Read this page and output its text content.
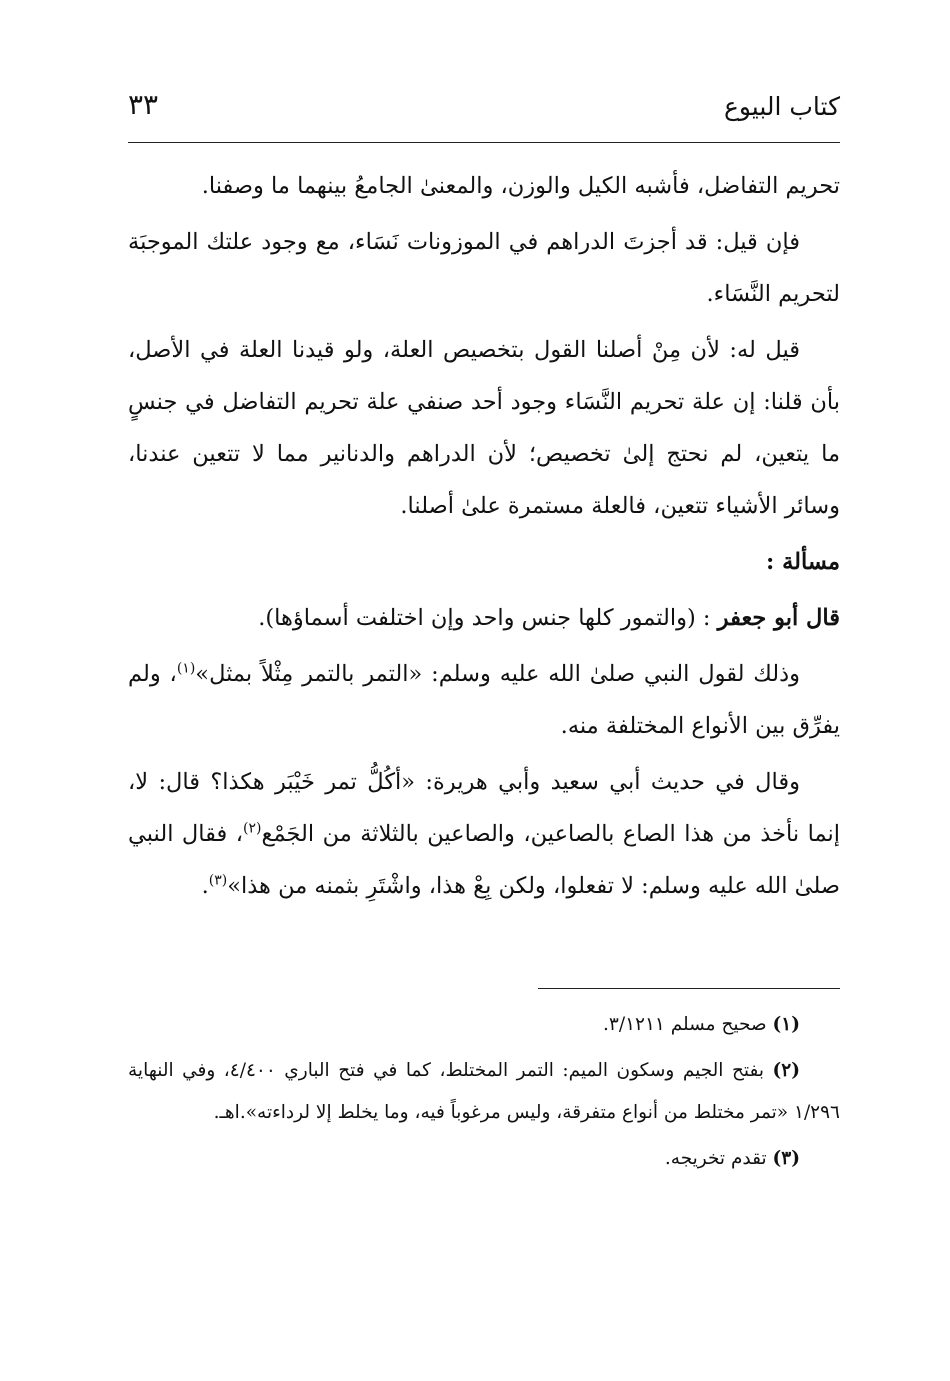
كتاب البيوع
٣٣

تحريم التفاضل، فأشبه الكيل والوزن، والمعنىٰ الجامعُ بينهما ما وصفنا.

فإن قيل: قد أجزتَ الدراهم في الموزونات نَسَاء، مع وجود علتك الموجبَة لتحريم النَّسَاء.

قيل له: لأن مِنْ أصلنا القول بتخصيص العلة، ولو قيدنا العلة في الأصل، بأن قلنا: إن علة تحريم النَّسَاء وجود أحد صنفي علة تحريم التفاضل في جنسٍ ما يتعين، لم نحتج إلىٰ تخصيص؛ لأن الدراهم والدنانير مما لا تتعين عندنا، وسائر الأشياء تتعين، فالعلة مستمرة علىٰ أصلنا.

مسألة :

قال أبو جعفر : (والتمور كلها جنس واحد وإن اختلفت أسماؤها).

وذلك لقول النبي صلىٰ الله عليه وسلم: «التمر بالتمر مِثْلاً بمثل»$^{(١)}$، ولم يفرِّق بين الأنواع المختلفة منه.

وقال في حديث أبي سعيد وأبي هريرة: «أكُلُّ تمر خَيْبَر هكذا؟ قال: لا، إنما نأخذ من هذا الصاع بالصاعين، والصاعين بالثلاثة من الجَمْع$^{(٢)}$، فقال النبي صلىٰ الله عليه وسلم: لا تفعلوا، ولكن بِعْ هذا، واشْتَرِ بثمنه من هذا»$^{(٣)}$.

(١) صحيح مسلم ٣/١٢١١.

(٢) بفتح الجيم وسكون الميم: التمر المختلط، كما في فتح الباري ٤/٤٠٠، وفي النهاية ١/٢٩٦ «تمر مختلط من أنواع متفرقة، وليس مرغوباً فيه، وما يخلط إلا لرداءته».اهـ.

(٣) تقدم تخريجه.
